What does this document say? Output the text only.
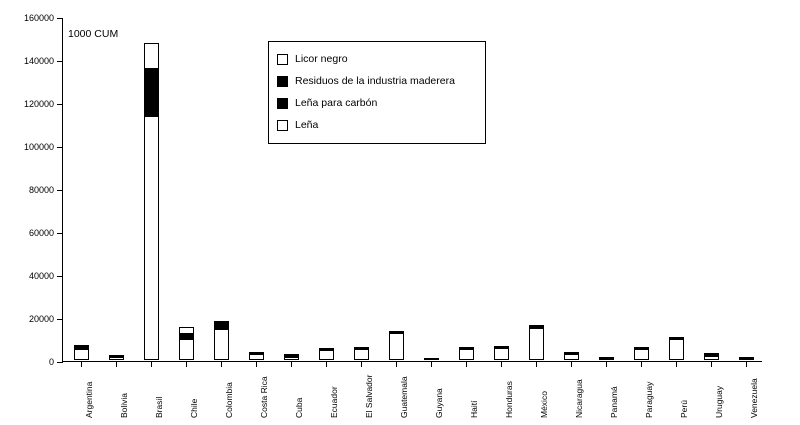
1000 CUM
0
20000
40000
60000
80000
100000
120000
140000
160000
Argentina	Bolivia	Brasil	Chile	Colombia	Costa Rica	Cuba	Ecuador	El Salvador	Guatemala	Guyana	Haití	Honduras	México	Nicaragua	Panamá	Paraguay	Perú	Uruguay	Venezuela
Licor negro
Residuos de la industria maderera
Leña para carbón
Leña
